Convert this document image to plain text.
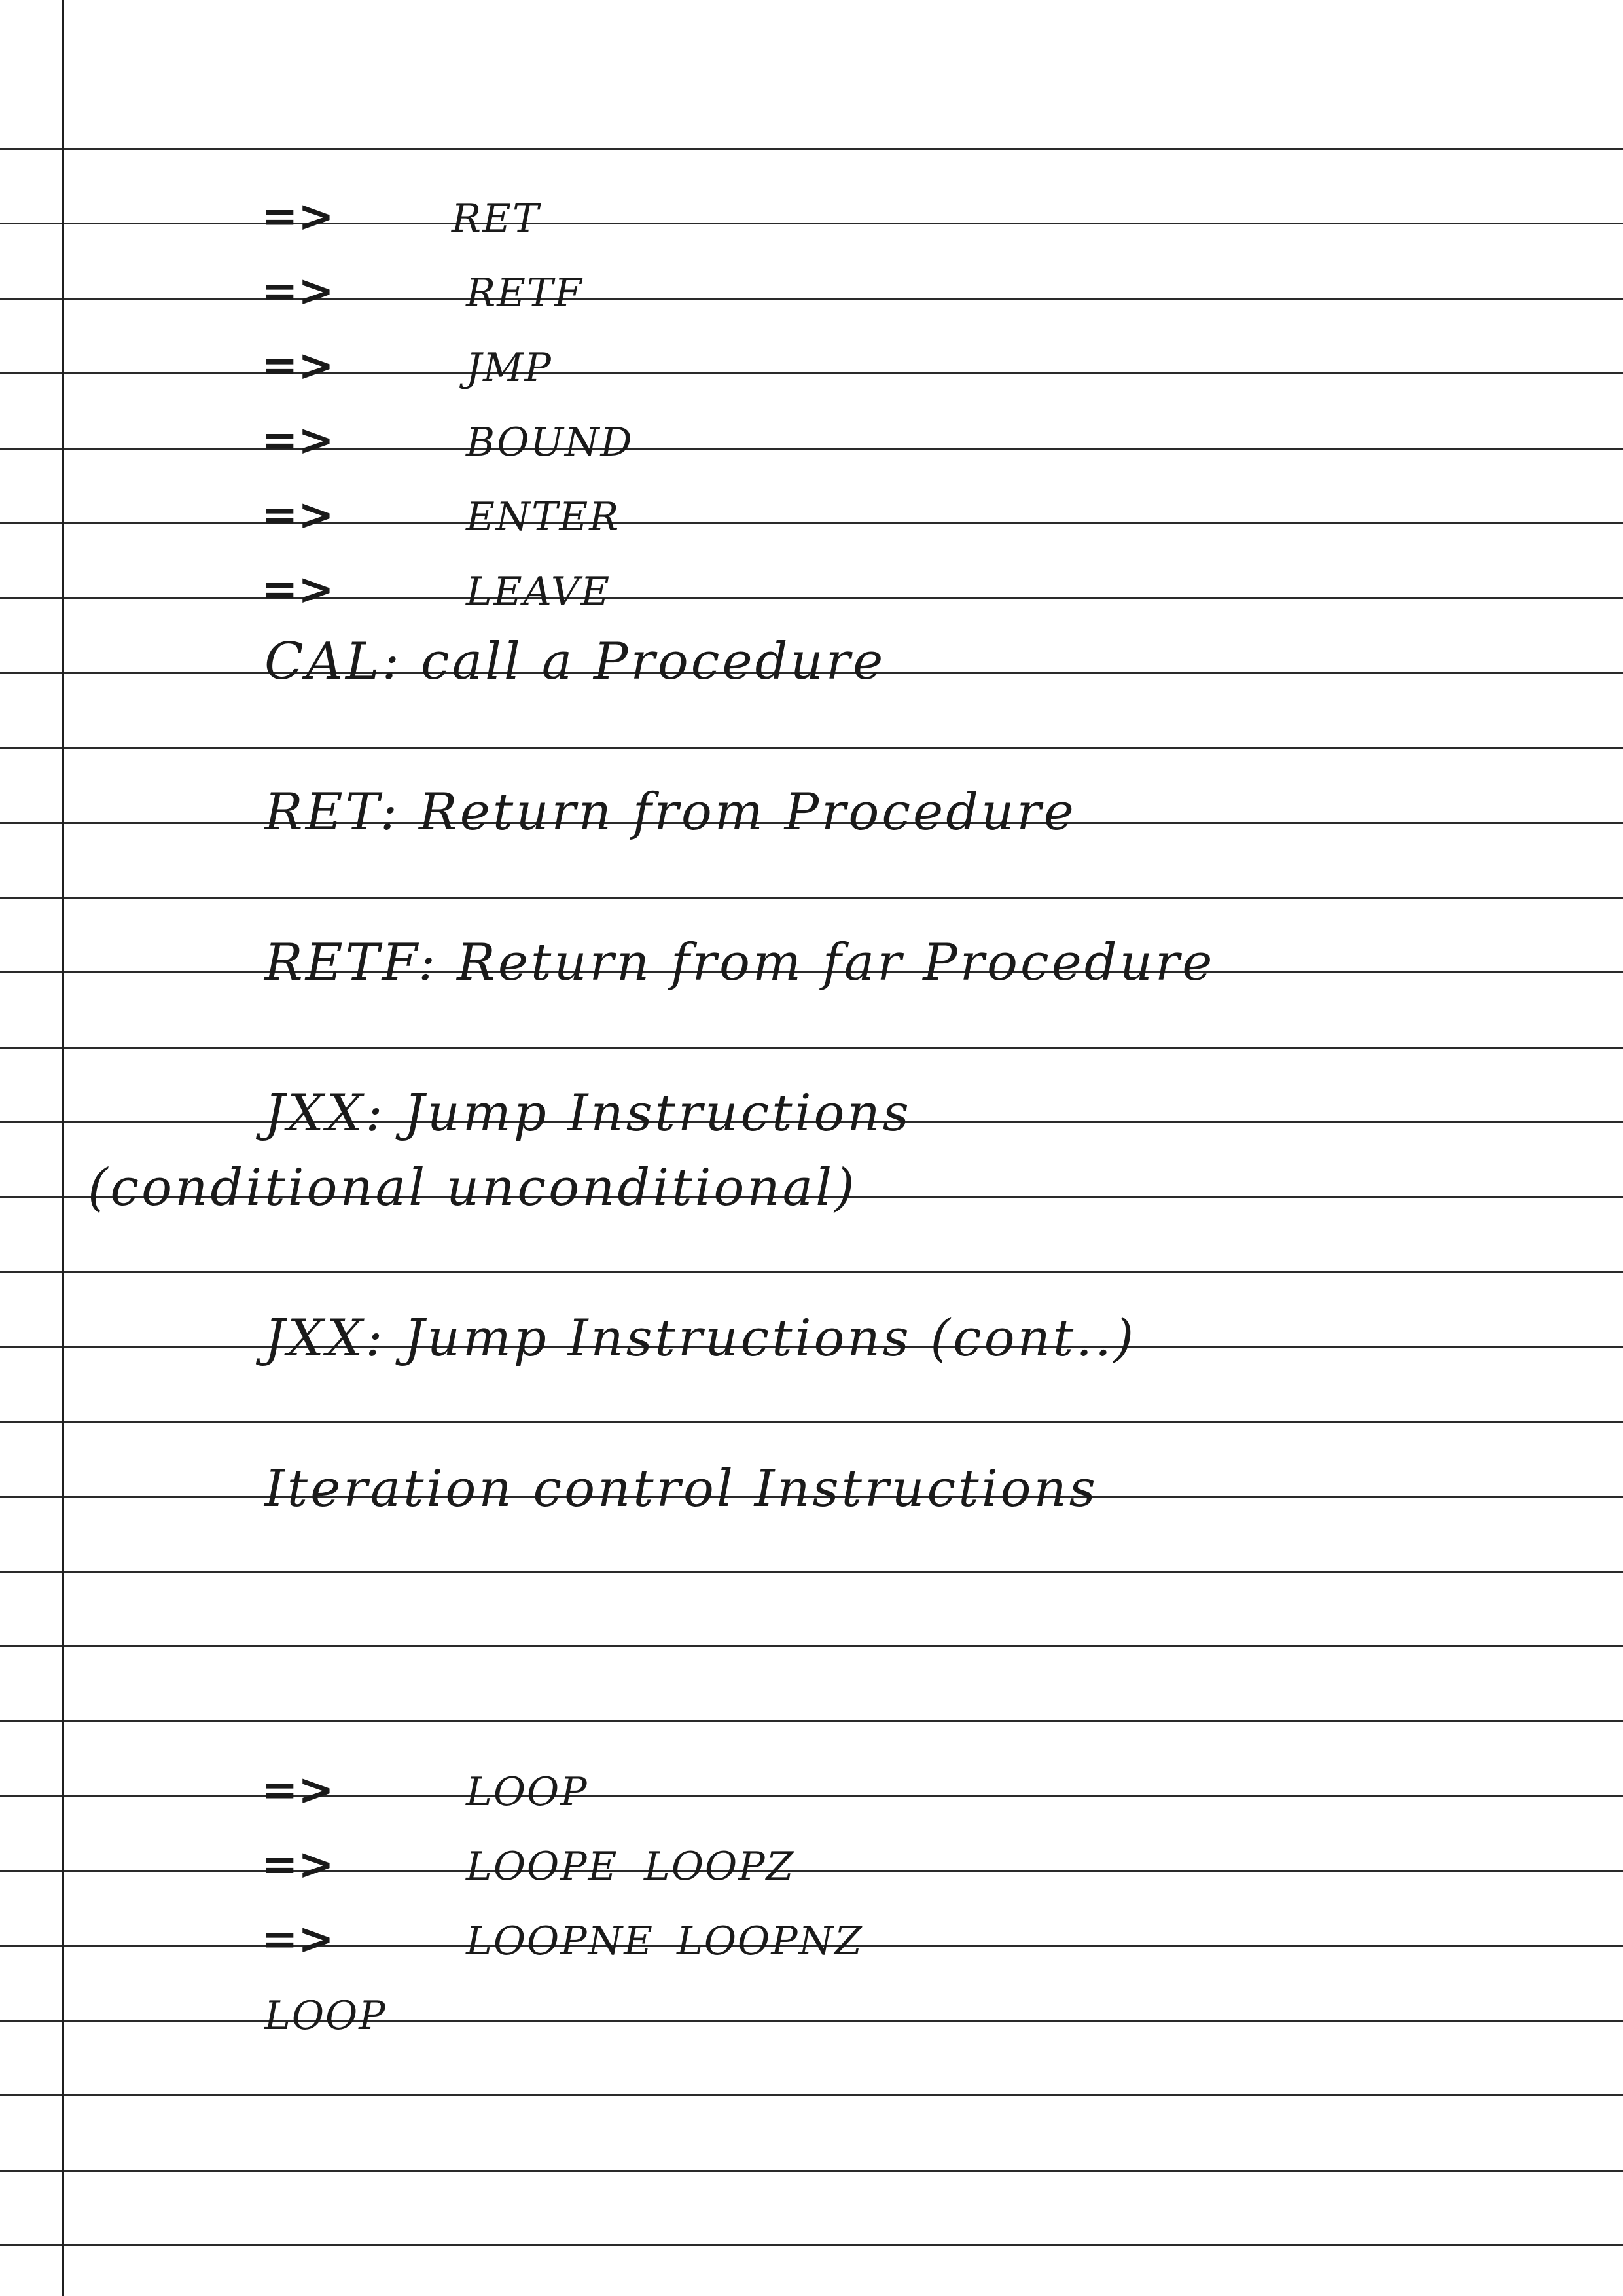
=>	RET
=>	RETF
=>	JMP
=>	BOUND
=>	ENTER
=>	LEAVE
CAL: call a Procedure
RET: Return from Procedure
RETF: Return from far Procedure
JXX: Jump Instructions
(conditional unconditional)
JXX: Jump Instructions (cont..)
Iteration control Instructions
=>	LOOP
=>	LOOPE LOOPZ
=>	LOOPNE LOOPNZ
LOOP
